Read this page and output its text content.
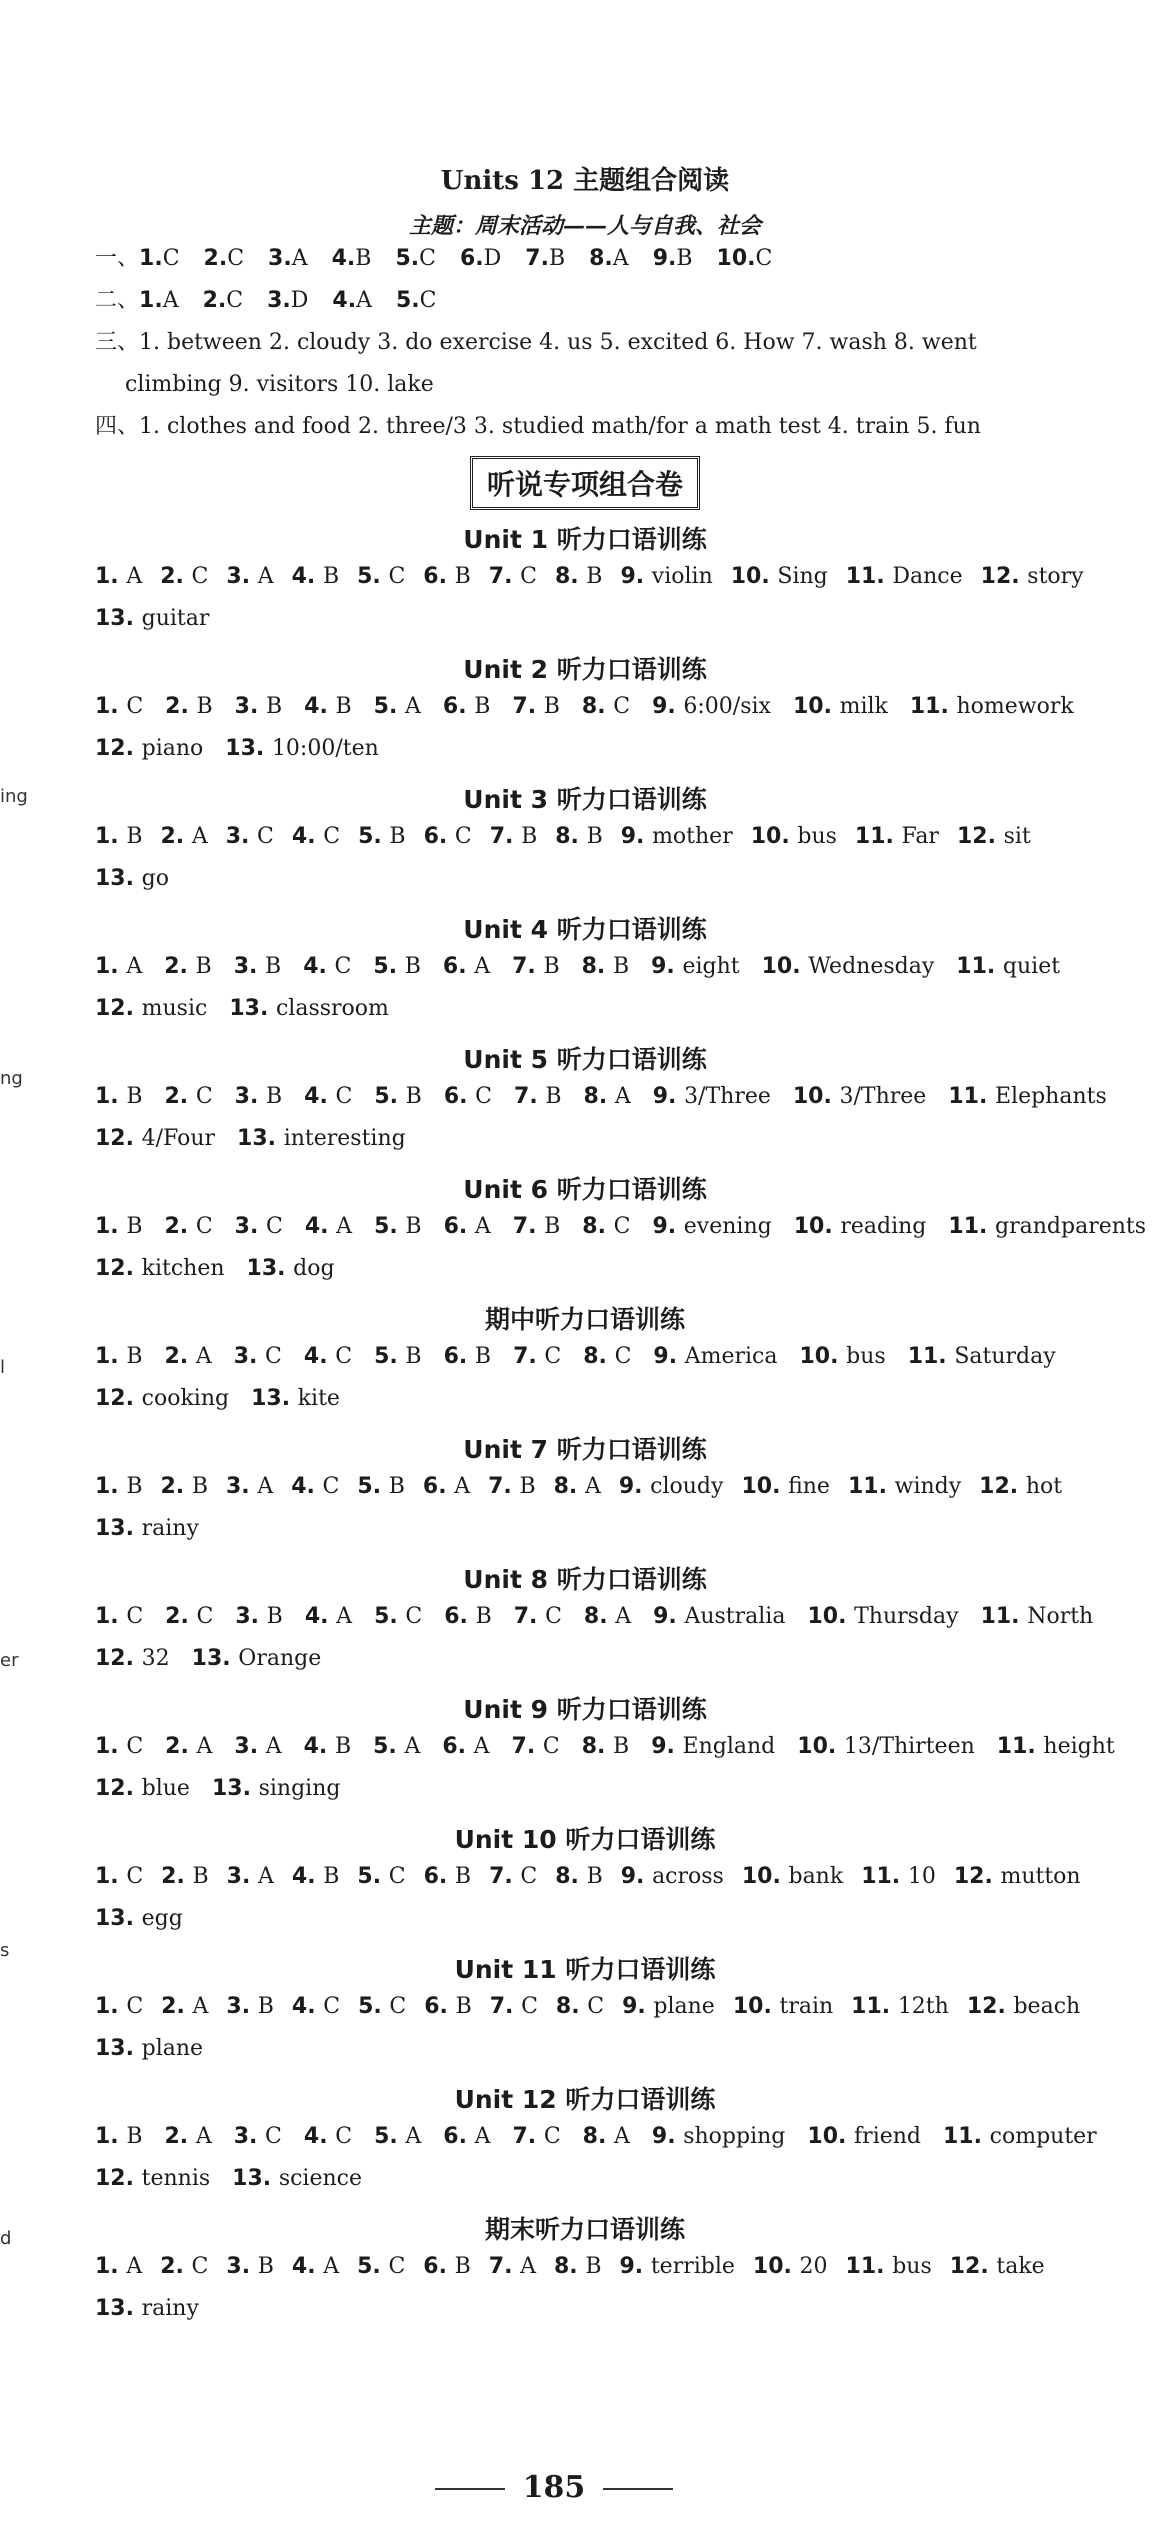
Units 12 主题组合阅读
主题：周末活动——人与自我、社会
一、1.C 2.C 3.A 4.B 5.C 6.D 7.B 8.A 9.B 10.C
二、1.A 2.C 3.D 4.A 5.C
三、1. between 2. cloudy 3. do exercise 4. us 5. excited 6. How 7. wash 8. went
climbing 9. visitors 10. lake
四、1. clothes and food 2. three/3 3. studied math/for a math test 4. train 5. fun
听说专项组合卷
Unit 1 听力口语训练
1. A 2. C 3. A 4. B 5. C 6. B 7. C 8. B 9. violin 10. Sing 11. Dance 12. story
13. guitar
Unit 2 听力口语训练
1. C 2. B 3. B 4. B 5. A 6. B 7. B 8. C 9. 6:00/six 10. milk 11. homework
12. piano 13. 10:00/ten
Unit 3 听力口语训练
1. B 2. A 3. C 4. C 5. B 6. C 7. B 8. B 9. mother 10. bus 11. Far 12. sit
13. go
Unit 4 听力口语训练
1. A 2. B 3. B 4. C 5. B 6. A 7. B 8. B 9. eight 10. Wednesday 11. quiet
12. music 13. classroom
Unit 5 听力口语训练
1. B 2. C 3. B 4. C 5. B 6. C 7. B 8. A 9. 3/Three 10. 3/Three 11. Elephants
12. 4/Four 13. interesting
Unit 6 听力口语训练
1. B 2. C 3. C 4. A 5. B 6. A 7. B 8. C 9. evening 10. reading 11. grandparents
12. kitchen 13. dog
期中听力口语训练
1. B 2. A 3. C 4. C 5. B 6. B 7. C 8. C 9. America 10. bus 11. Saturday
12. cooking 13. kite
Unit 7 听力口语训练
1. B 2. B 3. A 4. C 5. B 6. A 7. B 8. A 9. cloudy 10. fine 11. windy 12. hot
13. rainy
Unit 8 听力口语训练
1. C 2. C 3. B 4. A 5. C 6. B 7. C 8. A 9. Australia 10. Thursday 11. North
12. 32 13. Orange
Unit 9 听力口语训练
1. C 2. A 3. A 4. B 5. A 6. A 7. C 8. B 9. England 10. 13/Thirteen 11. height
12. blue 13. singing
Unit 10 听力口语训练
1. C 2. B 3. A 4. B 5. C 6. B 7. C 8. B 9. across 10. bank 11. 10 12. mutton
13. egg
Unit 11 听力口语训练
1. C 2. A 3. B 4. C 5. C 6. B 7. C 8. C 9. plane 10. train 11. 12th 12. beach
13. plane
Unit 12 听力口语训练
1. B 2. A 3. C 4. C 5. A 6. A 7. C 8. A 9. shopping 10. friend 11. computer
12. tennis 13. science
期末听力口语训练
1. A 2. C 3. B 4. A 5. C 6. B 7. A 8. B 9. terrible 10. 20 11. bus 12. take
13. rainy
185
ing
ng
l
er
s
d
